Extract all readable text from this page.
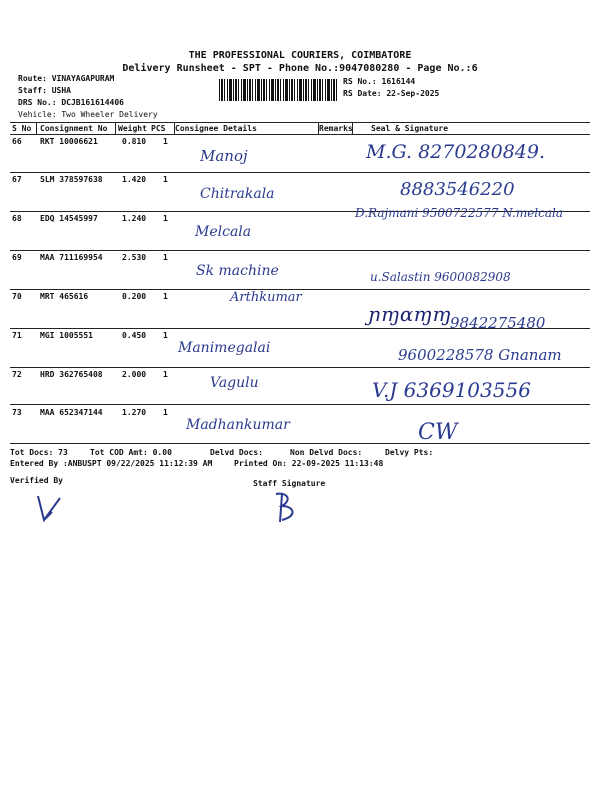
THE PROFESSIONAL COURIERS, COIMBATORE
Delivery Runsheet - SPT - Phone No.:9047080280 - Page No.:6
Route: VINAYAGAPURAM
Staff: USHA
DRS No.: DCJB161614406
Vehicle: Two Wheeler Delivery
RS No.: 1616144
RS Date: 22-Sep-2025
S No Consignment No Weight PCS Consignee Details	Remarks Seal & Signature
66 RKT 10006621	0.810 1
Manoj	M.G. 8270280849.
67 SLM 378597638 1.420 1
Chitrakala	8883546220
68 EDQ 14545997	1.240 1
Melcala
D.Rajmani 9500722577 N.melcala
69 MAA 711169954 2.530 1
Sk machine	u.Salastin 9600082908
70 MRT 465616	0.200 1	Arthkumar
ɲɱɑɱɱ
9842275480
71 MGI 1005551	0.450 1
Manimegalai	9600228578 Gnanam
72 HRD 362765408 2.000 1
Vagulu	V.J 6369103556
73 MAA 652347144 1.270 1
Madhankumar	CW
Tot Docs: 73	Tot COD Amt: 0.00	Delvd Docs:	Non Delvd Docs:	Delvy Pts:
Entered By :ANBUSPT 09/22/2025 11:12:39 AM	Printed On: 22-09-2025 11:13:48
Verified By	Staff Signature
